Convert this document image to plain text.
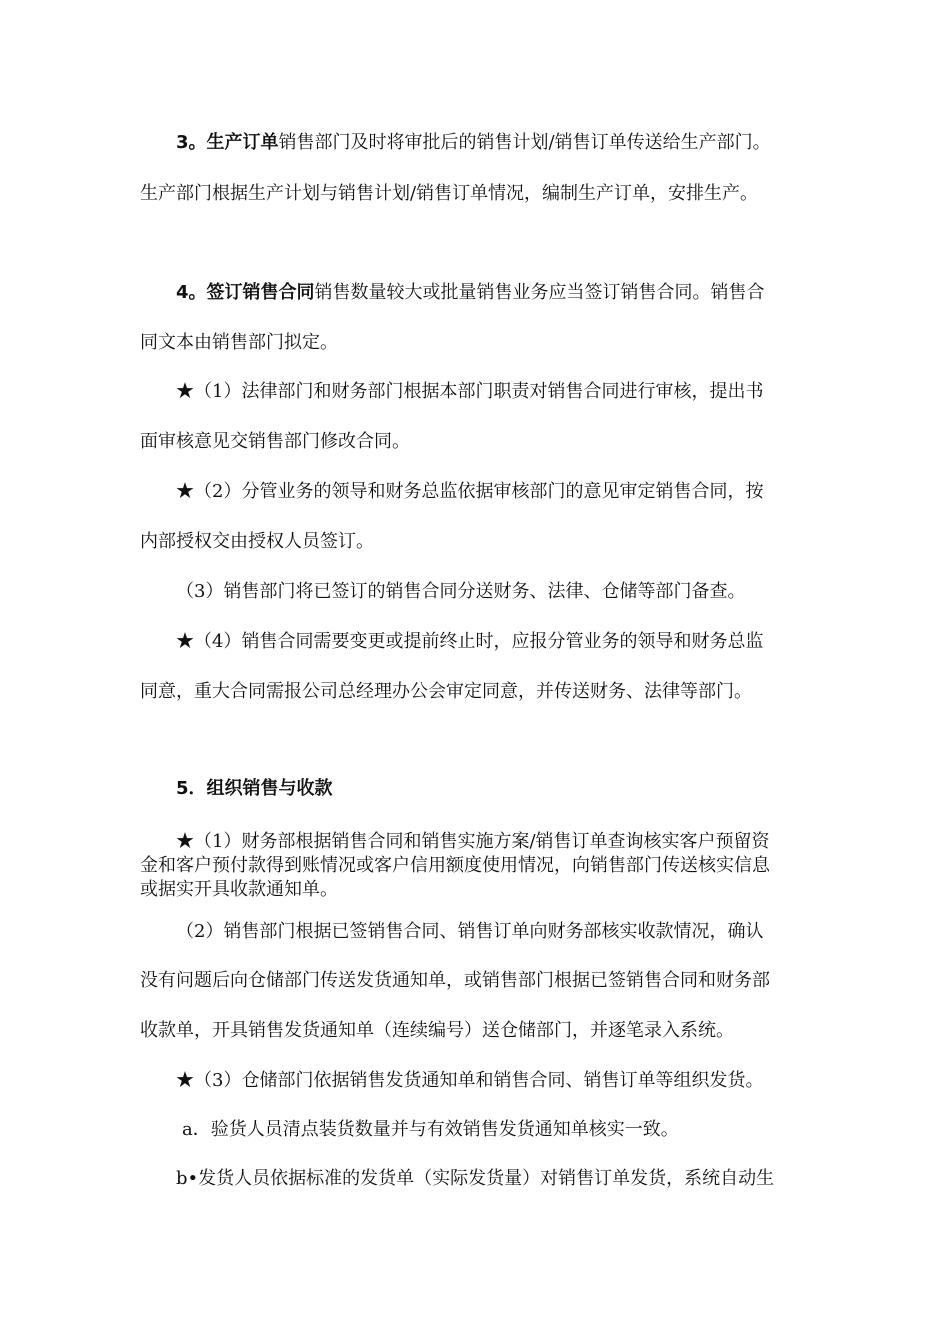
3。生产订单销售部门及时将审批后的销售计划/销售订单传送给生产部门。
生产部门根据生产计划与销售计划/销售订单情况，编制生产订单，安排生产。
4。签订销售合同销售数量较大或批量销售业务应当签订销售合同。销售合
同文本由销售部门拟定。
★（1）法律部门和财务部门根据本部门职责对销售合同进行审核，提出书
面审核意见交销售部门修改合同。
★（2）分管业务的领导和财务总监依据审核部门的意见审定销售合同，按
内部授权交由授权人员签订。
（3）销售部门将已签订的销售合同分送财务、法律、仓储等部门备查。
★（4）销售合同需要变更或提前终止时，应报分管业务的领导和财务总监
同意，重大合同需报公司总经理办公会审定同意，并传送财务、法律等部门。
5．组织销售与收款
★（1）财务部根据销售合同和销售实施方案/销售订单查询核实客户预留资
金和客户预付款得到账情况或客户信用额度使用情况，向销售部门传送核实信息
或据实开具收款通知单。
（2）销售部门根据已签销售合同、销售订单向财务部核实收款情况，确认
没有问题后向仓储部门传送发货通知单，或销售部门根据已签销售合同和财务部
收款单，开具销售发货通知单（连续编号）送仓储部门，并逐笔录入系统。
★（3）仓储部门依据销售发货通知单和销售合同、销售订单等组织发货。
a．验货人员清点装货数量并与有效销售发货通知单核实一致。
b•发货人员依据标准的发货单（实际发货量）对销售订单发货，系统自动生
